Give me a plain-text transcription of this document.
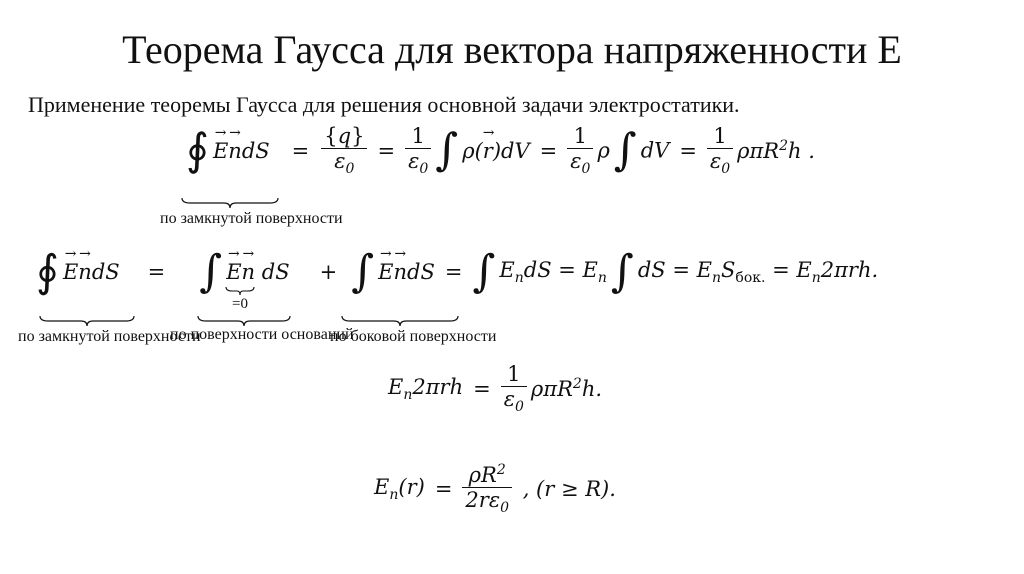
Теорема Гаусса для вектора напряженности E
Применение теоремы Гаусса для решения основной задачи электростатики.
∮ $E \to n \to dS = \frac{\{q\}}{\varepsilon_0} = \frac{1}{\varepsilon_0}$ ∫ $\rho(r \to)dV = \frac{1}{\varepsilon_0}$ ρ ∫ dV = $\frac{1}{\varepsilon_0} \rho\pi R^2h$ .
по замкнутой поверхности
∮ E →n →dS = ∫ E →n → dS + ∫ E →n →dS = ∫ $E_ndS = E_n$ ∫ dS = $E_nS_{бок.} = E_n2\pi rh$.
=0
по замкнутой поверхности
по поверхности оснований
по боковой поверхности
$E_n2\pi rh = \frac{1}{\varepsilon_0} \rho\pi R^2h$.
$E_n(r) = \frac{\rho R^2}{2r\varepsilon_0}$ , (r ≥ R).
